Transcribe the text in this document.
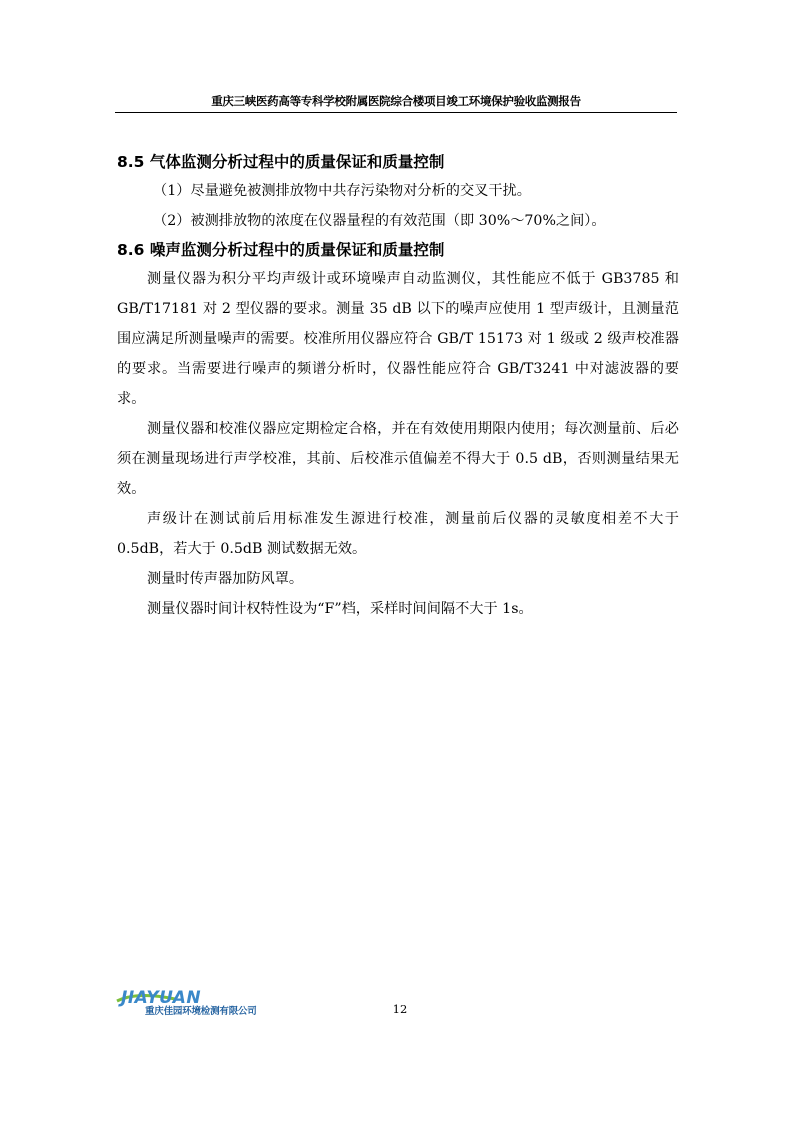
重庆三峡医药高等专科学校附属医院综合楼项目竣工环境保护验收监测报告

8.5 气体监测分析过程中的质量保证和质量控制

（1）尽量避免被测排放物中共存污染物对分析的交叉干扰。

（2）被测排放物的浓度在仪器量程的有效范围（即 30%～70%之间）。

8.6 噪声监测分析过程中的质量保证和质量控制

测量仪器为积分平均声级计或环境噪声自动监测仪，其性能应不低于 GB3785 和 GB/T17181 对 2 型仪器的要求。测量 35 dB 以下的噪声应使用 1 型声级计，且测量范围应满足所测量噪声的需要。校准所用仪器应符合 GB/T 15173 对 1 级或 2 级声校准器的要求。当需要进行噪声的频谱分析时，仪器性能应符合 GB/T3241 中对滤波器的要求。

测量仪器和校准仪器应定期检定合格，并在有效使用期限内使用；每次测量前、后必须在测量现场进行声学校准，其前、后校准示值偏差不得大于 0.5 dB，否则测量结果无效。

声级计在测试前后用标准发生源进行校准，测量前后仪器的灵敏度相差不大于 0.5dB，若大于 0.5dB 测试数据无效。

测量时传声器加防风罩。

测量仪器时间计权特性设为“F”档，采样时间间隔不大于 1s。

JIAYUAN
重庆佳园环境检测有限公司	12
